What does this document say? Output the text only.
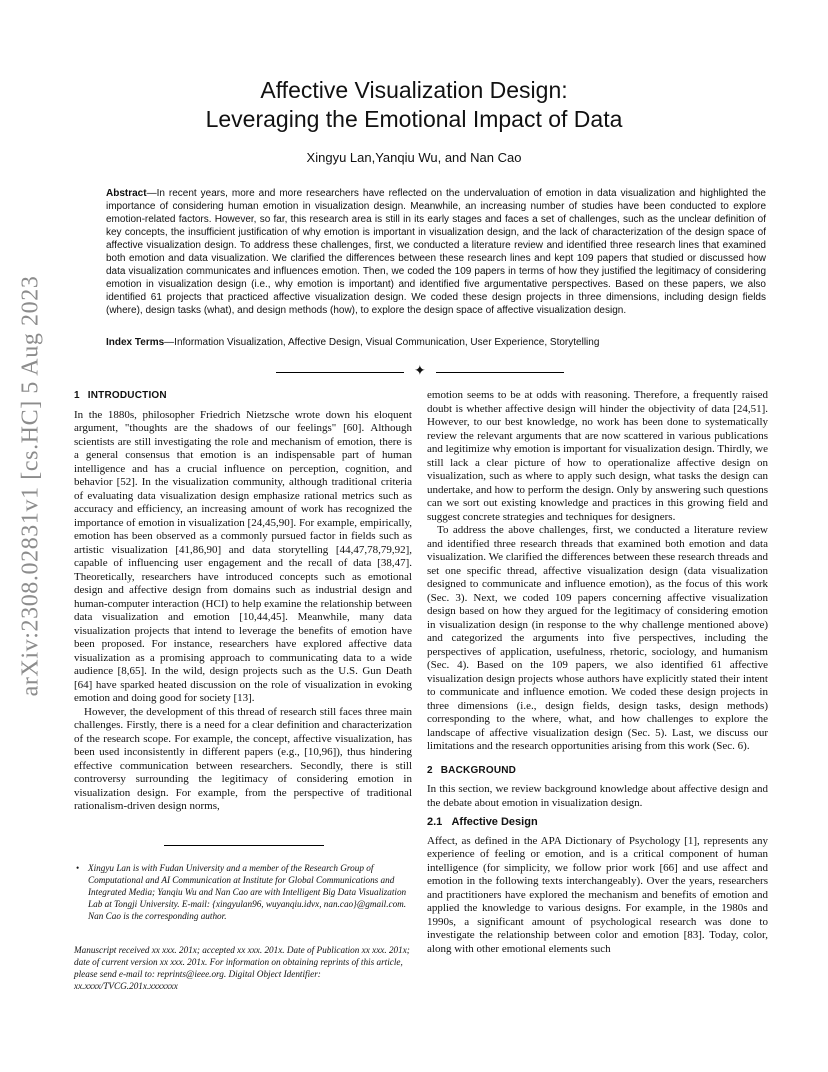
arXiv:2308.02831v1 [cs.HC] 5 Aug 2023
Affective Visualization Design:
Leveraging the Emotional Impact of Data
Xingyu Lan,Yanqiu Wu, and Nan Cao
Abstract—In recent years, more and more researchers have reflected on the undervaluation of emotion in data visualization and highlighted the importance of considering human emotion in visualization design. Meanwhile, an increasing number of studies have been conducted to explore emotion-related factors. However, so far, this research area is still in its early stages and faces a set of challenges, such as the unclear definition of key concepts, the insufficient justification of why emotion is important in visualization design, and the lack of characterization of the design space of affective visualization design. To address these challenges, first, we conducted a literature review and identified three research lines that examined both emotion and data visualization. We clarified the differences between these research lines and kept 109 papers that studied or discussed how data visualization communicates and influences emotion. Then, we coded the 109 papers in terms of how they justified the legitimacy of considering emotion in visualization design (i.e., why emotion is important) and identified five argumentative perspectives. Based on these papers, we also identified 61 projects that practiced affective visualization design. We coded these design projects in three dimensions, including design fields (where), design tasks (what), and design methods (how), to explore the design space of affective visualization design.
Index Terms—Information Visualization, Affective Design, Visual Communication, User Experience, Storytelling
✦
1 INTRODUCTION

In the 1880s, philosopher Friedrich Nietzsche wrote down his eloquent argument, "thoughts are the shadows of our feelings" [60]. Although scientists are still investigating the role and mechanism of emotion, there is a general consensus that emotion is an indispensable part of human intelligence and has a crucial influence on perception, cognition, and behavior [52]. In the visualization community, although traditional criteria of evaluating data visualization design emphasize rational metrics such as accuracy and efficiency, an increasing amount of work has recognized the importance of emotion in visualization [24,45,90]. For example, empirically, emotion has been observed as a commonly pursued factor in fields such as artistic visualization [41,86,90] and data storytelling [44,47,78,79,92], capable of influencing user engagement and the recall of data [38,47]. Theoretically, researchers have introduced concepts such as emotional design and affective design from domains such as industrial design and human-computer interaction (HCI) to help examine the relationship between data visualization and emotion [10,44,45]. Meanwhile, many data visualization projects that intend to leverage the benefits of emotion have been proposed. For instance, researchers have explored affective data visualization as a promising approach to communicating data to a wide audience [8,65]. In the wild, design projects such as the U.S. Gun Death [64] have sparked heated discussion on the role of visualization in evoking emotion and doing good for society [13].

However, the development of this thread of research still faces three main challenges. Firstly, there is a need for a clear definition and characterization of the research scope. For example, the concept, affective visualization, has been used inconsistently in different papers (e.g., [10,96]), thus hindering effective communication between researchers. Secondly, there is still controversy surrounding the legitimacy of considering emotion in visualization design. For example, from the perspective of traditional rationalism-driven design norms,

• Xingyu Lan is with Fudan University and a member of the Research Group of Computational and AI Communication at Institute for Global Communications and Integrated Media; Yanqiu Wu and Nan Cao are with Intelligent Big Data Visualization Lab at Tongji University. E-mail: {xingyulan96, wuyanqiu.idvx, nan.cao}@gmail.com. Nan Cao is the corresponding author.
Manuscript received xx xxx. 201x; accepted xx xxx. 201x. Date of Publication xx xxx. 201x; date of current version xx xxx. 201x. For information on obtaining reprints of this article, please send e-mail to: reprints@ieee.org. Digital Object Identifier: xx.xxxx/TVCG.201x.xxxxxxx

emotion seems to be at odds with reasoning. Therefore, a frequently raised doubt is whether affective design will hinder the objectivity of data [24,51]. However, to our best knowledge, no work has been done to systematically review the relevant arguments that are now scattered in various publications and legitimize why emotion is important for visualization design. Thirdly, we still lack a clear picture of how to operationalize affective design on visualization, such as where to apply such design, what tasks the design can undertake, and how to perform the design. Only by answering such questions can we sort out existing knowledge and practices in this growing field and suggest concrete strategies and techniques for designers.

To address the above challenges, first, we conducted a literature review and identified three research threads that examined both emotion and data visualization. We clarified the differences between these research threads and set one specific thread, affective visualization design (data visualization designed to communicate and influence emotion), as the focus of this work (Sec. 3). Next, we coded 109 papers concerning affective visualization design based on how they argued for the legitimacy of considering emotion in visualization design (in response to the why challenge mentioned above) and categorized the arguments into five perspectives, including the perspectives of application, usefulness, rhetoric, sociology, and humanism (Sec. 4). Based on the 109 papers, we also identified 61 affective visualization design projects whose authors have explicitly stated their intent to communicate and influence emotion. We coded these design projects in three dimensions (i.e., design fields, design tasks, design methods) corresponding to the where, what, and how challenges to explore the landscape of affective visualization design (Sec. 5). Last, we discuss our limitations and the research opportunities arising from this work (Sec. 6).

2 BACKGROUND

In this section, we review background knowledge about affective design and the debate about emotion in visualization design.

2.1 Affective Design

Affect, as defined in the APA Dictionary of Psychology [1], represents any experience of feeling or emotion, and is a critical component of human intelligence (for simplicity, we follow prior work [66] and use affect and emotion in the following texts interchangeably). Over the years, researchers and practitioners have explored the mechanism and benefits of emotion and applied the knowledge to various designs. For example, in the 1980s and 1990s, a significant amount of psychological research was done to investigate the relationship between color and emotion [83]. Today, color, along with other emotional elements such
